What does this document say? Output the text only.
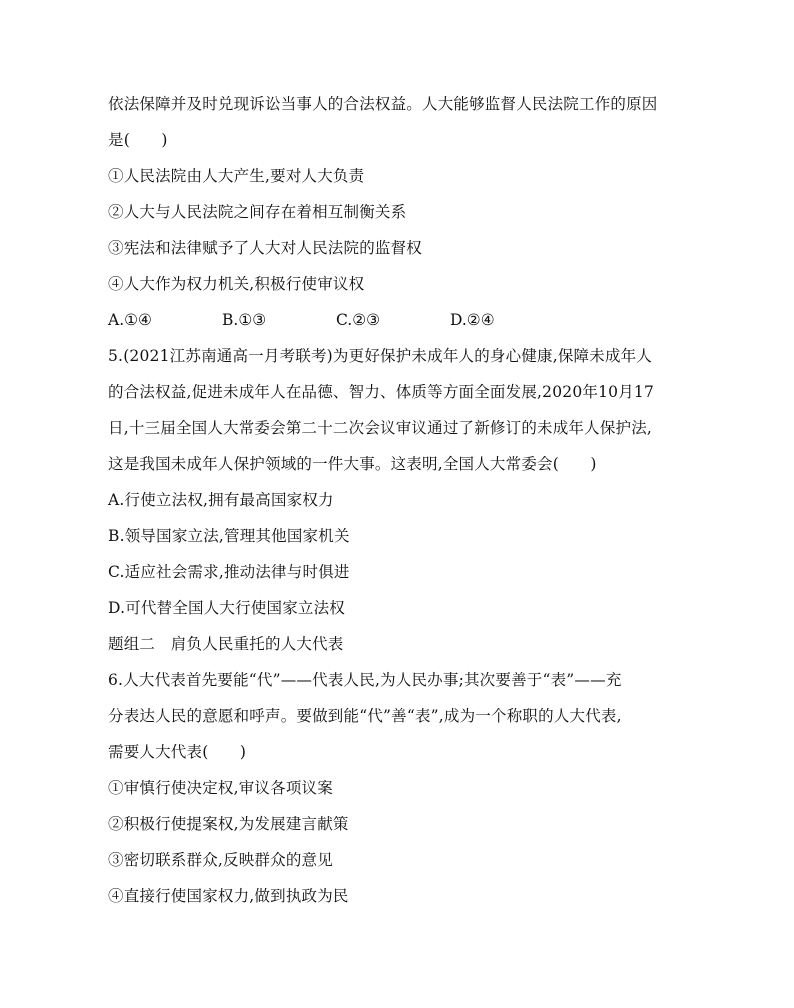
依法保障并及时兑现诉讼当事人的合法权益。人大能够监督人民法院工作的原因
是(　　)
①人民法院由人大产生,要对人大负责
②人大与人民法院之间存在着相互制衡关系
③宪法和法律赋予了人大对人民法院的监督权
④人大作为权力机关,积极行使审议权
A.①④	B.①③	C.②③	D.②④
5.(2021江苏南通高一月考联考)为更好保护未成年人的身心健康,保障未成年人
的合法权益,促进未成年人在品德、智力、体质等方面全面发展,2020年10月17
日,十三届全国人大常委会第二十二次会议审议通过了新修订的未成年人保护法,
这是我国未成年人保护领域的一件大事。这表明,全国人大常委会(　　)
A.行使立法权,拥有最高国家权力
B.领导国家立法,管理其他国家机关
C.适应社会需求,推动法律与时俱进
D.可代替全国人大行使国家立法权
题组二　肩负人民重托的人大代表
6.人大代表首先要能“代”——代表人民,为人民办事;其次要善于“表”——充
分表达人民的意愿和呼声。要做到能“代”善“表”,成为一个称职的人大代表,
需要人大代表(　　)
①审慎行使决定权,审议各项议案
②积极行使提案权,为发展建言献策
③密切联系群众,反映群众的意见
④直接行使国家权力,做到执政为民
